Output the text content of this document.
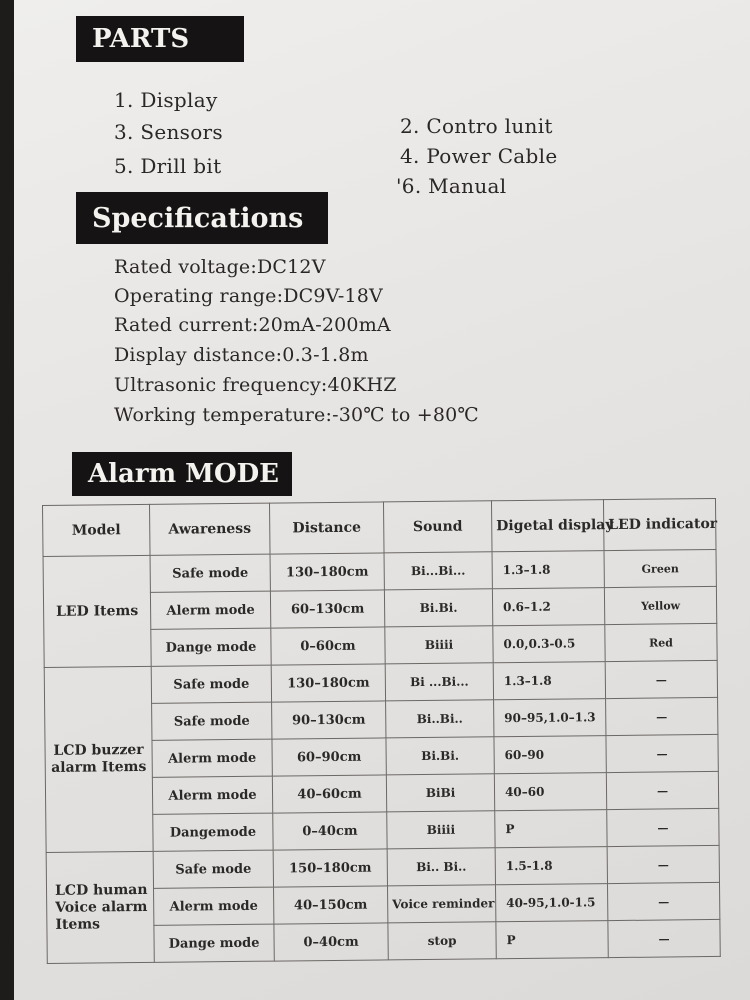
PARTS
1. Display
3. Sensors
5. Drill bit
2. Contro lunit
4. Power Cable
'6. Manual
Specifications
Rated voltage:DC12V
Operating range:DC9V-18V
Rated current:20mA-200mA
Display distance:0.3-1.8m
Ultrasonic frequency:40KHZ
Working temperature:-30℃ to +80℃
Alarm MODE
Model	Awareness	Distance	Sound	Digetal display	LED indicator
LED Items	Safe mode	130–180cm	Bi...Bi...	1.3–1.8	Green
	Alerm mode	60–130cm	Bi.Bi.	0.6–1.2	Yellow
	Dange mode	0–60cm	Biiii	0.0,0.3-0.5	Red
LCD buzzer alarm Items	Safe mode	130–180cm	Bi ...Bi...	1.3–1.8	—
	Safe mode	90–130cm	Bi..Bi..	90–95,1.0–1.3	—
	Alerm mode	60–90cm	Bi.Bi.	60–90	—
	Alerm mode	40–60cm	BiBi	40–60	—
	Dangemode	0–40cm	Biiii	P	—
LCD human Voice alarm Items	Safe mode	150–180cm	Bi.. Bi..	1.5-1.8	—
	Alerm mode	40–150cm	Voice reminder	40-95,1.0-1.5	—
	Dange mode	0–40cm	stop	P	—
